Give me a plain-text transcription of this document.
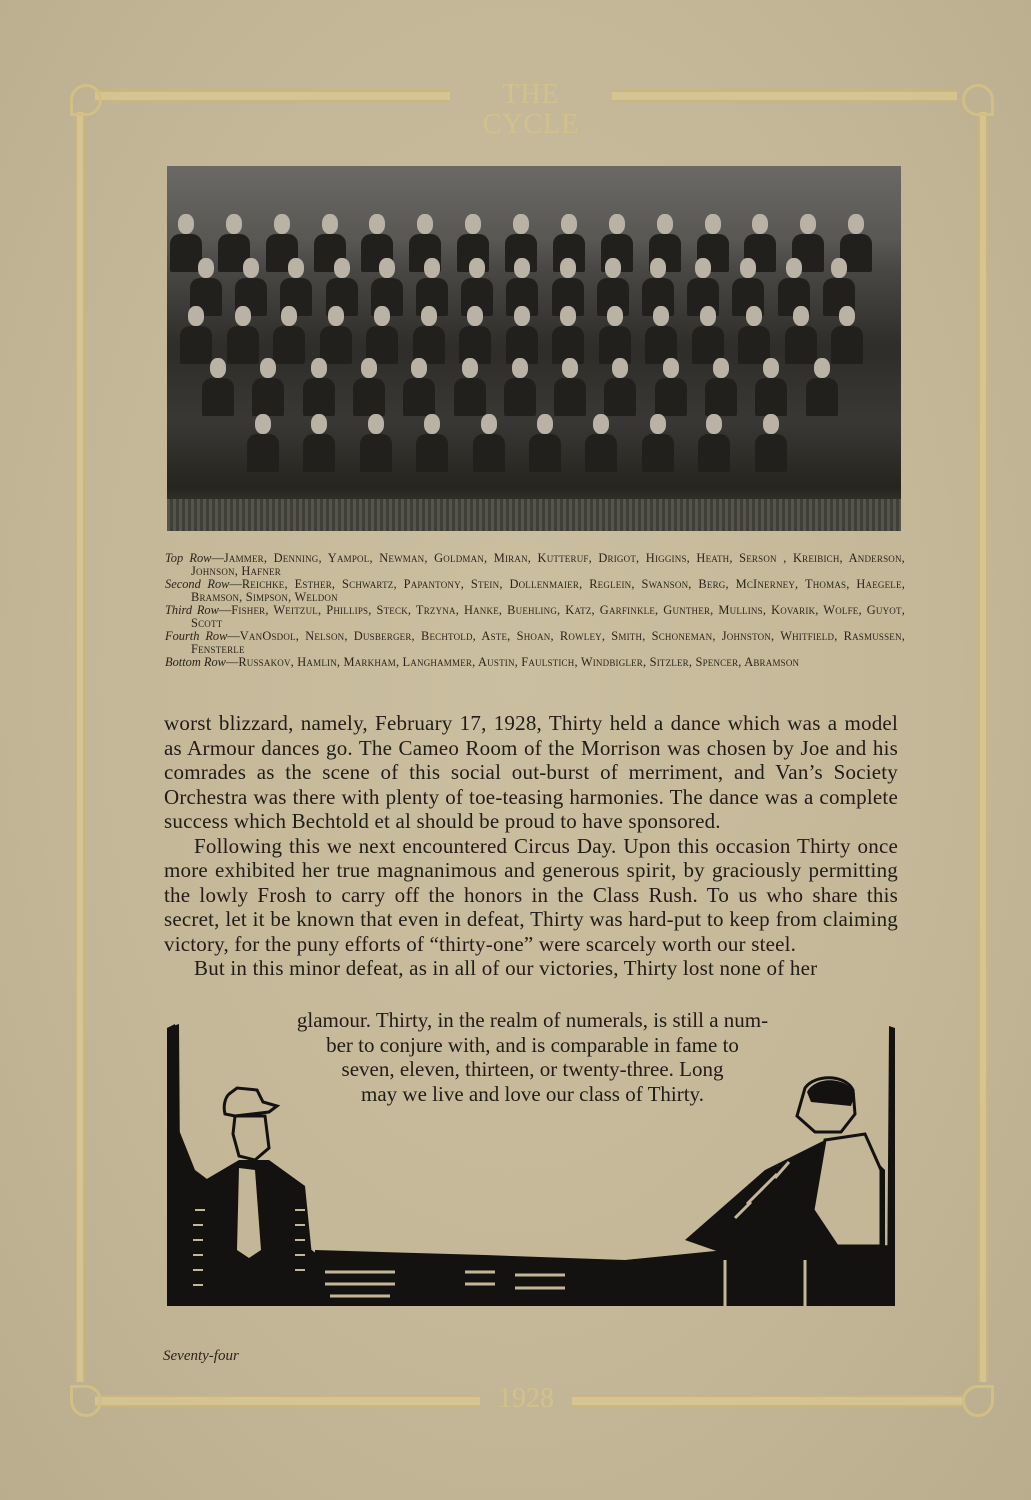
THE CYCLE
1928

Top Row—Jammer, Denning, Yampol, Newman, Goldman, Miran, Kutteruf, Drigot, Higgins, Heath, Serson , Kreibich, Anderson, Johnson, Hafner

Second Row—Reichke, Esther, Schwartz, Papantony, Stein, Dollenmaier, Reglein, Swanson, Berg, McInerney, Thomas, Haegele, Bramson, Simpson, Weldon

Third Row—Fisher, Weitzul, Phillips, Steck, Trzyna, Hanke, Buehling, Katz, Garfinkle, Gunther, Mullins, Kovarik, Wolfe, Guyot, Scott

Fourth Row—VanOsdol, Nelson, Dusberger, Bechtold, Aste, Shoan, Rowley, Smith, Schoneman, Johnston, Whitfield, Rasmussen, Fensterle

Bottom Row—Russakov, Hamlin, Markham, Langhammer, Austin, Faulstich, Windbigler, Sitzler, Spencer, Abramson

worst blizzard, namely, February 17, 1928, Thirty held a dance which was a model as Armour dances go. The Cameo Room of the Morrison was chosen by Joe and his comrades as the scene of this social out-burst of merriment, and Van’s Society Orchestra was there with plenty of toe-teasing harmonies. The dance was a complete success which Bechtold et al should be proud to have sponsored.

Following this we next encountered Circus Day. Upon this occasion Thirty once more exhibited her true magnanimous and generous spirit, by graciously permitting the lowly Frosh to carry off the honors in the Class Rush. To us who share this secret, let it be known that even in defeat, Thirty was hard-put to keep from claiming victory, for the puny efforts of “thirty-one” were scarcely worth our steel.

But in this minor defeat, as in all of our victories, Thirty lost none of her

glamour. Thirty, in the realm of numerals, is still a num-
ber to conjure with, and is comparable in fame to
seven, eleven, thirteen, or twenty-three. Long
may we live and love our class of Thirty.
Seventy-four
